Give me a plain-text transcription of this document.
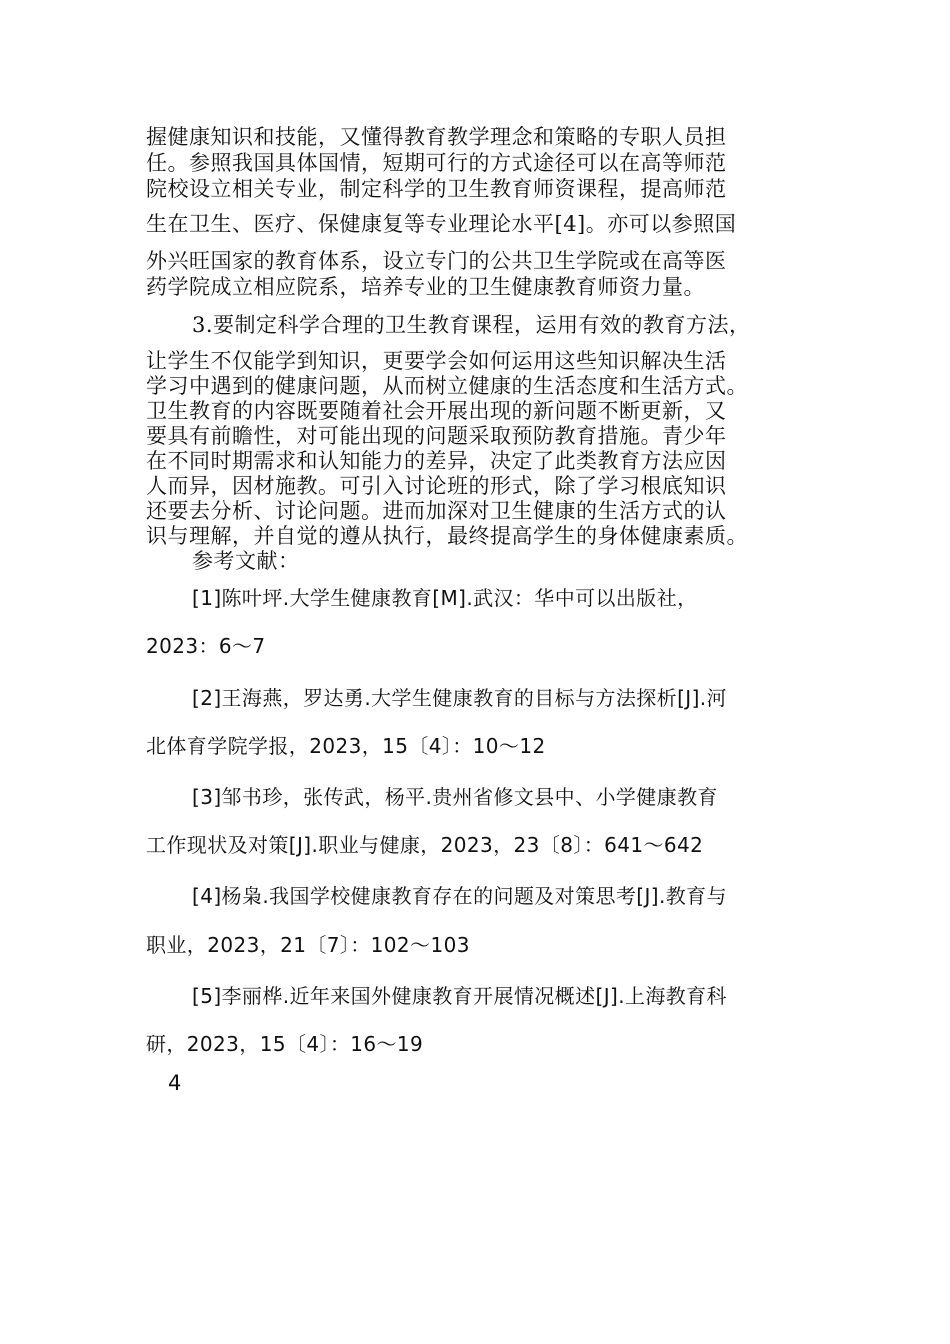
握健康知识和技能，又懂得教育教学理念和策略的专职人员担
任。参照我国具体国情，短期可行的方式途径可以在高等师范
院校设立相关专业，制定科学的卫生教育师资课程，提高师范
生在卫生、医疗、保健康复等专业理论水平[4]。亦可以参照国
外兴旺国家的教育体系，设立专门的公共卫生学院或在高等医
药学院成立相应院系，培养专业的卫生健康教育师资力量。
3.要制定科学合理的卫生教育课程，运用有效的教育方法，
让学生不仅能学到知识，更要学会如何运用这些知识解决生活
学习中遇到的健康问题，从而树立健康的生活态度和生活方式。
卫生教育的内容既要随着社会开展出现的新问题不断更新，又
要具有前瞻性，对可能出现的问题采取预防教育措施。青少年
在不同时期需求和认知能力的差异，决定了此类教育方法应因
人而异，因材施教。可引入讨论班的形式，除了学习根底知识
还要去分析、讨论问题。进而加深对卫生健康的生活方式的认
识与理解，并自觉的遵从执行，最终提高学生的身体健康素质。
参考文献：
[1]陈叶坪.大学生健康教育[M].武汉：华中可以出版社，
2023：6～7
[2]王海燕，罗达勇.大学生健康教育的目标与方法探析[J].河
北体育学院学报，2023，15〔4〕：10～12
[3]邹书珍，张传武，杨平.贵州省修文县中、小学健康教育
工作现状及对策[J].职业与健康，2023，23〔8〕：641～642
[4]杨枭.我国学校健康教育存在的问题及对策思考[J].教育与
职业，2023，21〔7〕：102～103
[5]李丽桦.近年来国外健康教育开展情况概述[J].上海教育科
研，2023，15〔4〕：16～19
4
